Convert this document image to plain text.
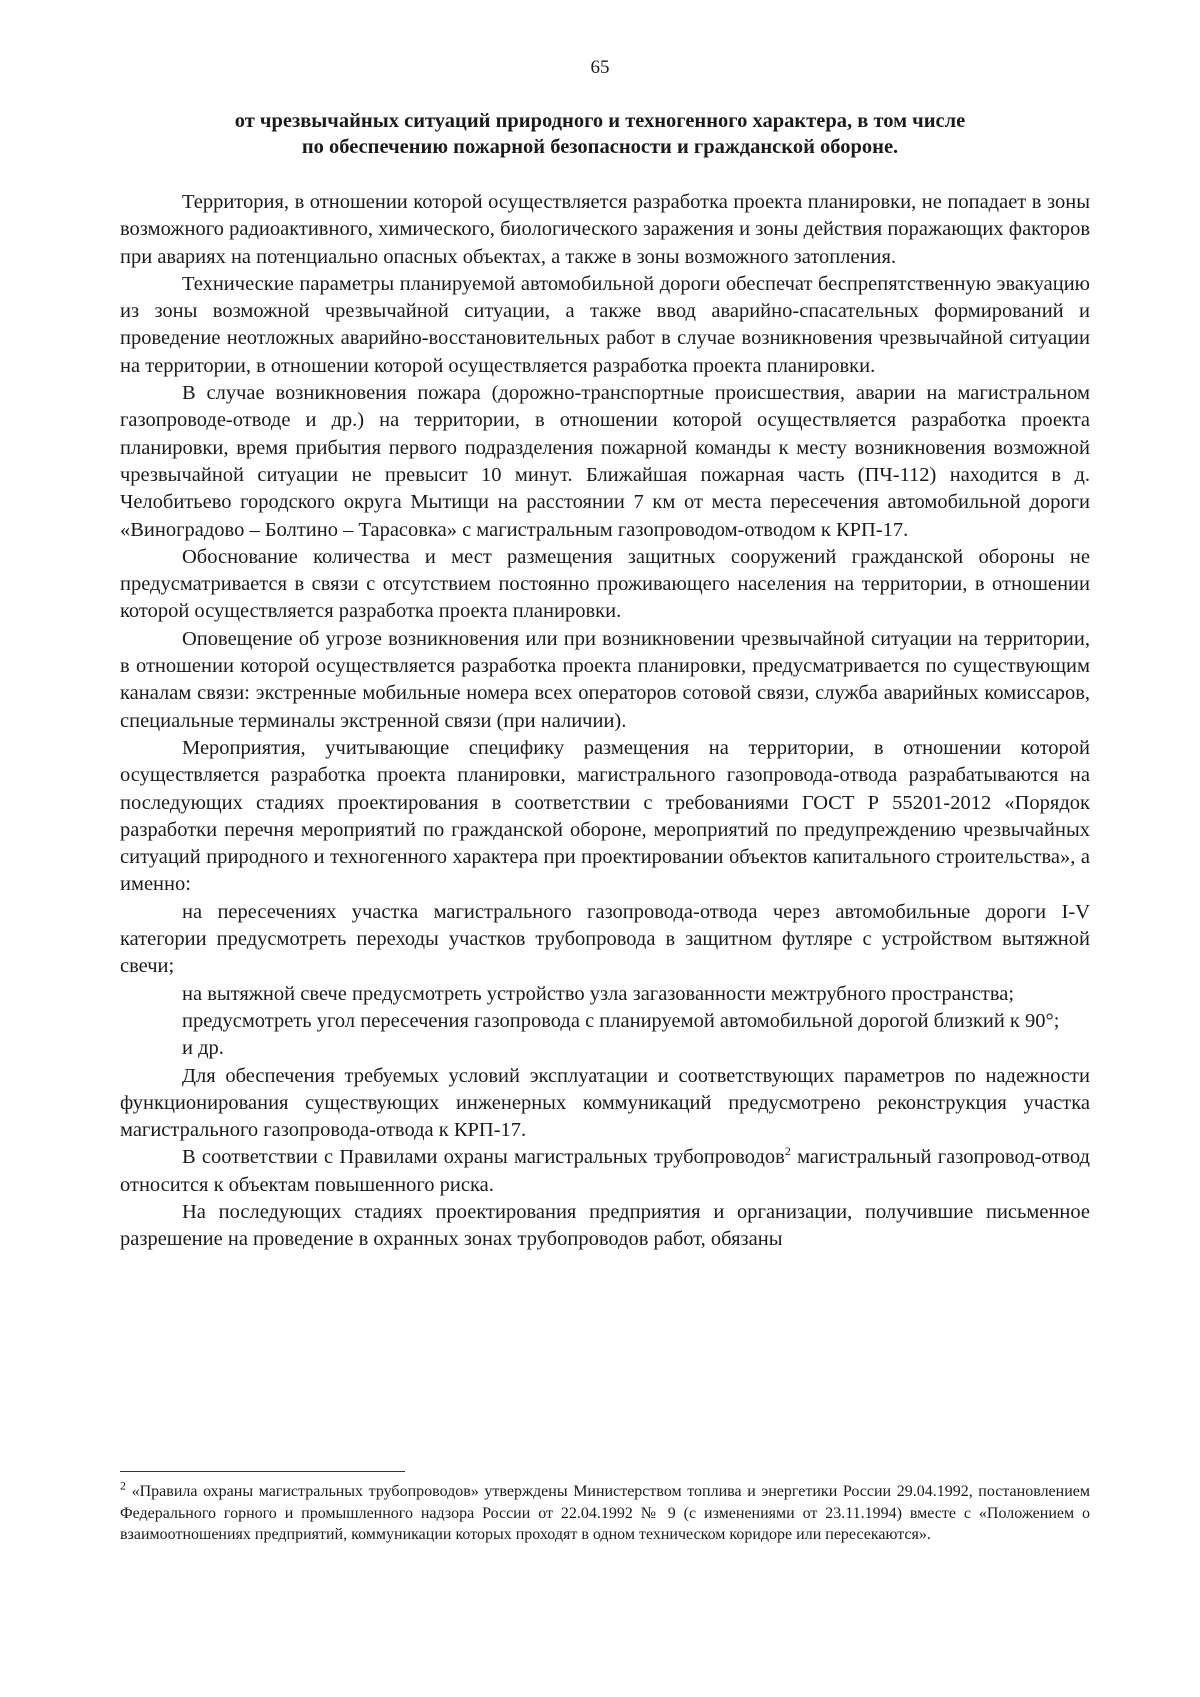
65
от чрезвычайных ситуаций природного и техногенного характера, в том числе
по обеспечению пожарной безопасности и гражданской обороне.

Территория, в отношении которой осуществляется разработка проекта планировки, не попадает в зоны возможного радиоактивного, химического, биологического заражения и зоны действия поражающих факторов при авариях на потенциально опасных объектах, а также в зоны возможного затопления.

Технические параметры планируемой автомобильной дороги обеспечат беспрепятственную эвакуацию из зоны возможной чрезвычайной ситуации, а также ввод аварийно-спасательных формирований и проведение неотложных аварийно-восстановительных работ в случае возникновения чрезвычайной ситуации на территории, в отношении которой осуществляется разработка проекта планировки.

В случае возникновения пожара (дорожно-транспортные происшествия, аварии на магистральном газопроводе-отводе и др.) на территории, в отношении которой осуществляется разработка проекта планировки, время прибытия первого подразделения пожарной команды к месту возникновения возможной чрезвычайной ситуации не превысит 10 минут. Ближайшая пожарная часть (ПЧ-112) находится в д. Челобитьево городского округа Мытищи на расстоянии 7 км от места пересечения автомобильной дороги «Виноградово – Болтино – Тарасовка» с магистральным газопроводом-отводом к КРП-17.

Обоснование количества и мест размещения защитных сооружений гражданской обороны не предусматривается в связи с отсутствием постоянно проживающего населения на территории, в отношении которой осуществляется разработка проекта планировки.

Оповещение об угрозе возникновения или при возникновении чрезвычайной ситуации на территории, в отношении которой осуществляется разработка проекта планировки, предусматривается по существующим каналам связи: экстренные мобильные номера всех операторов сотовой связи, служба аварийных комиссаров, специальные терминалы экстренной связи (при наличии).

Мероприятия, учитывающие специфику размещения на территории, в отношении которой осуществляется разработка проекта планировки, магистрального газопровода-отвода разрабатываются на последующих стадиях проектирования в соответствии с требованиями ГОСТ Р 55201-2012 «Порядок разработки перечня мероприятий по гражданской обороне, мероприятий по предупреждению чрезвычайных ситуаций природного и техногенного характера при проектировании объектов капитального строительства», а именно:

на пересечениях участка магистрального газопровода-отвода через автомобильные дороги I-V категории предусмотреть переходы участков трубопровода в защитном футляре с устройством вытяжной свечи;

на вытяжной свече предусмотреть устройство узла загазованности межтрубного пространства;

предусмотреть угол пересечения газопровода с планируемой автомобильной дорогой близкий к 90°;

и др.

Для обеспечения требуемых условий эксплуатации и соответствующих параметров по надежности функционирования существующих инженерных коммуникаций предусмотрено реконструкция участка магистрального газопровода-отвода к КРП-17.

В соответствии с Правилами охраны магистральных трубопроводов$^2$ магистральный газопровод-отвод относится к объектам повышенного риска.

На последующих стадиях проектирования предприятия и организации, получившие письменное разрешение на проведение в охранных зонах трубопроводов работ, обязаны

$^2$ «Правила охраны магистральных трубопроводов» утверждены Министерством топлива и энергетики России 29.04.1992, постановлением Федерального горного и промышленного надзора России от 22.04.1992 № 9 (с изменениями от 23.11.1994) вместе с «Положением о взаимоотношениях предприятий, коммуникации которых проходят в одном техническом коридоре или пересекаются».
